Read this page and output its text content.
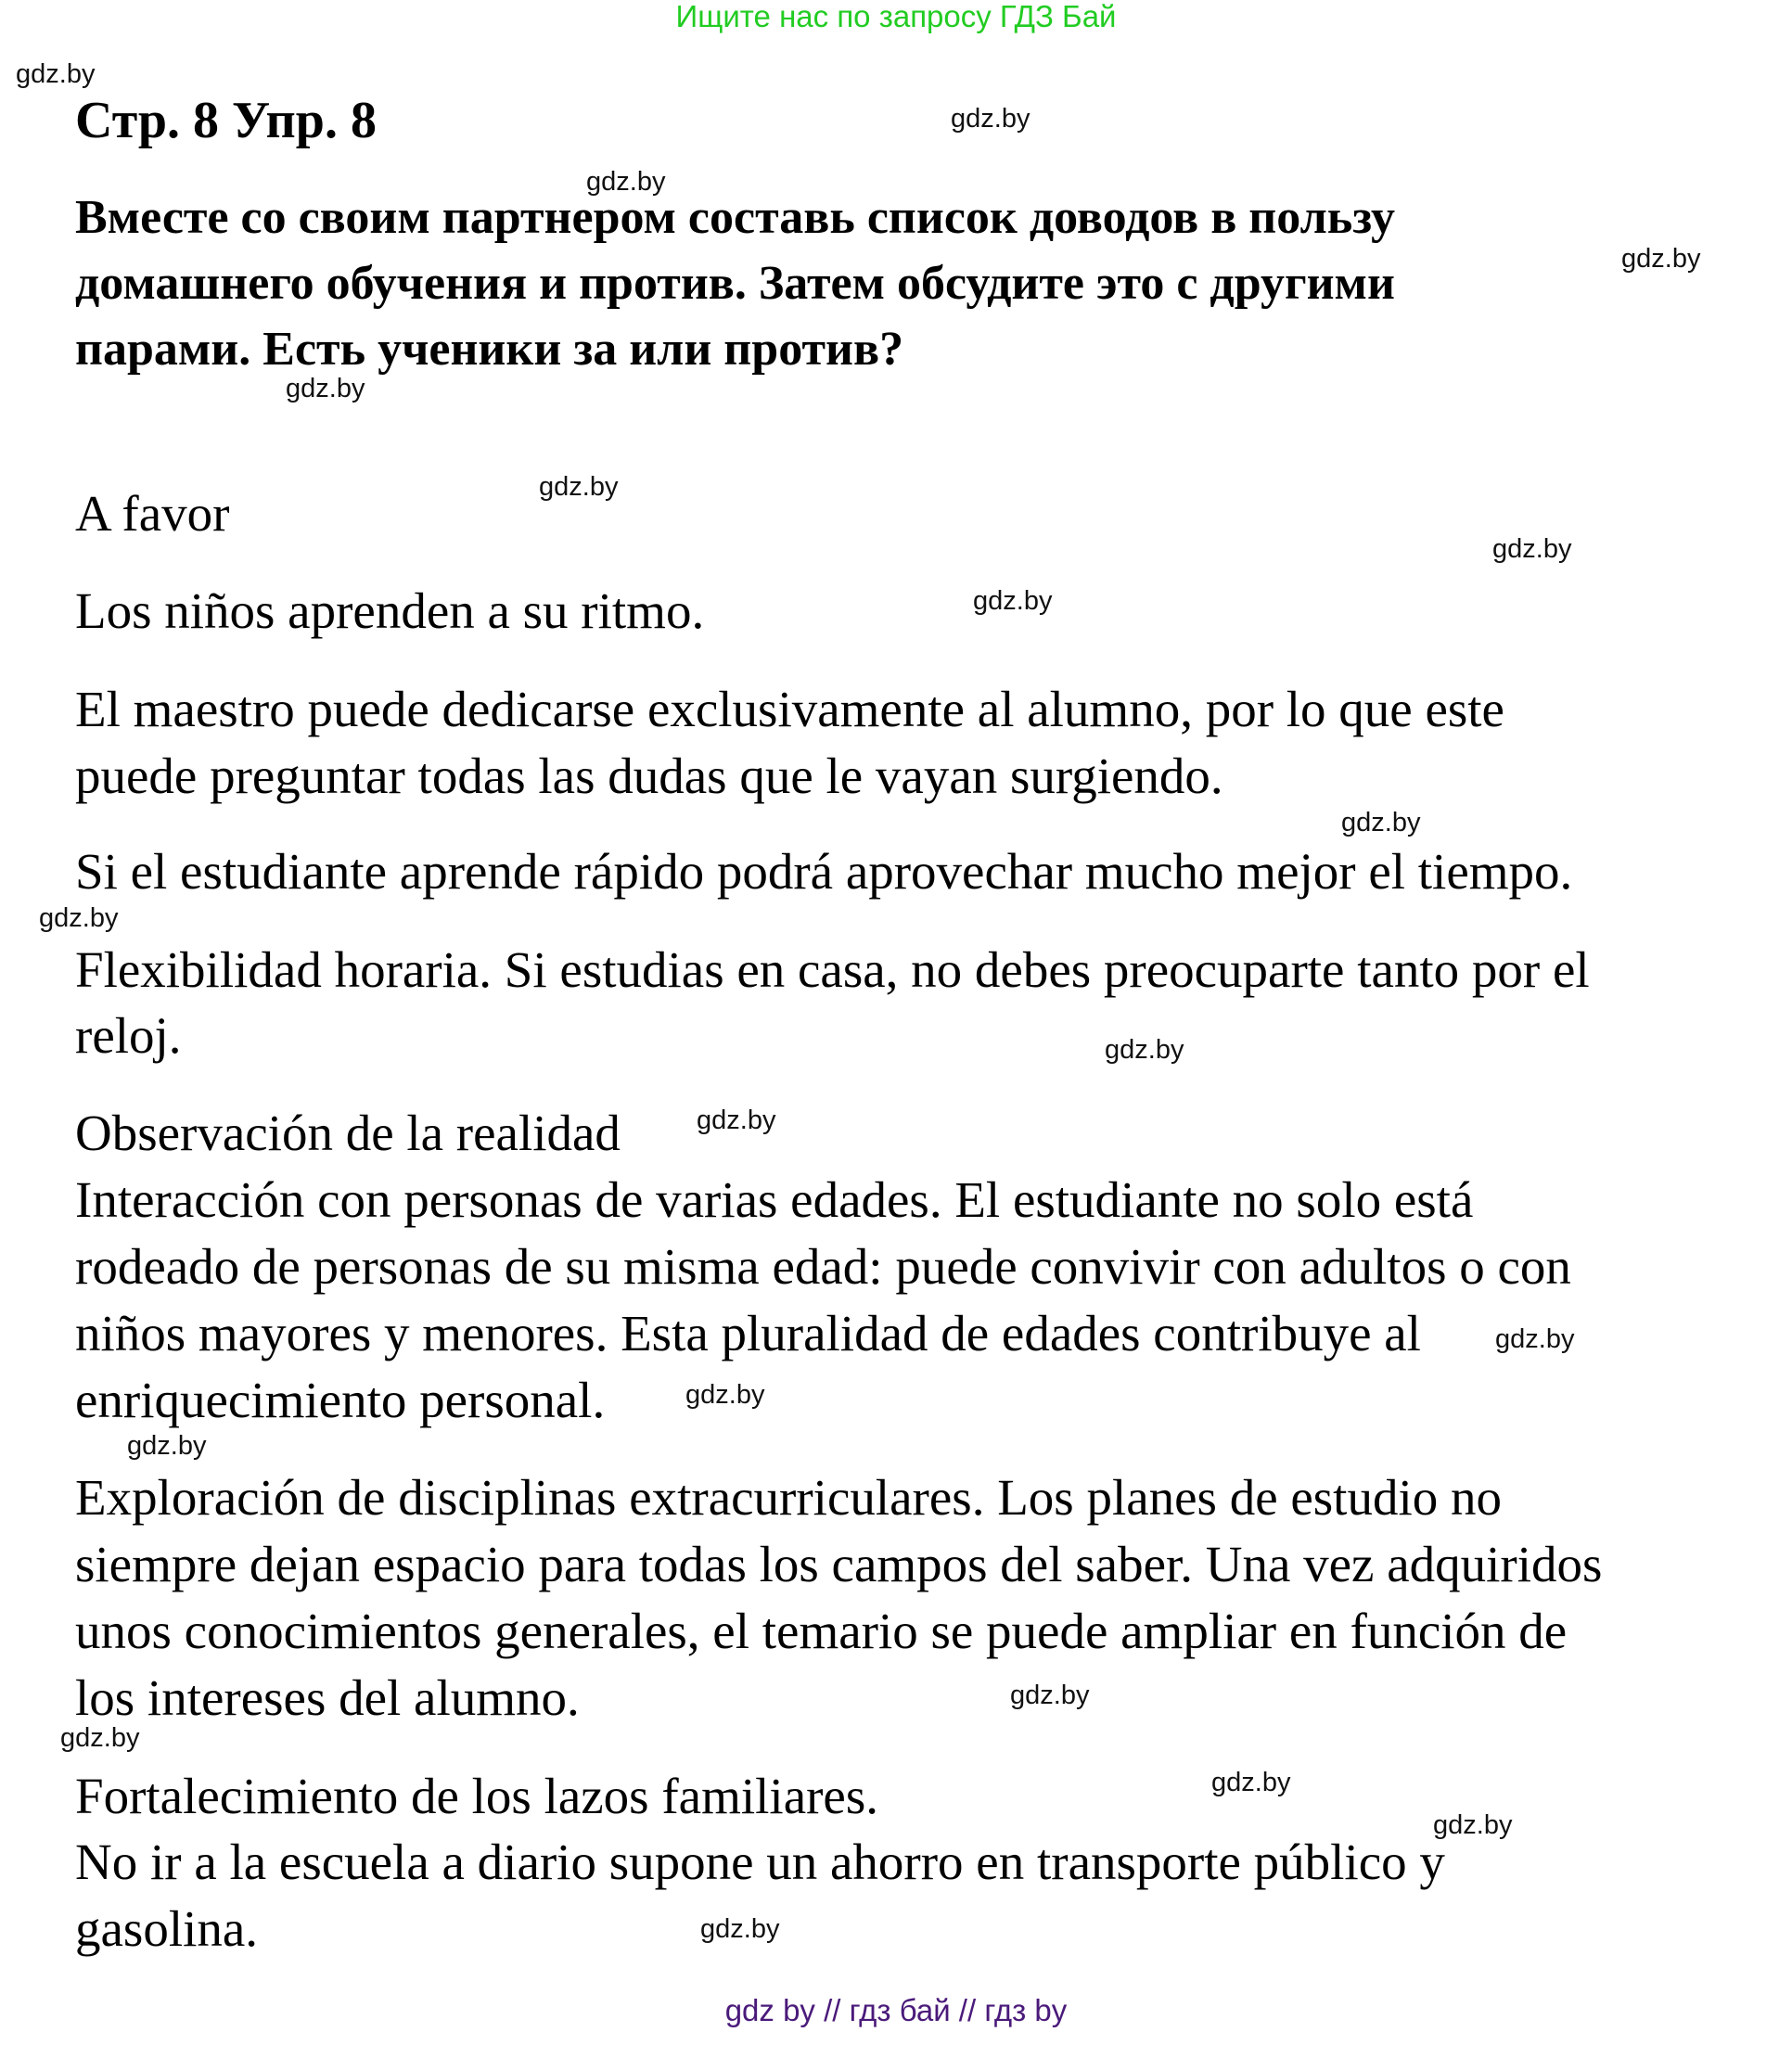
Ищите нас по запросу ГДЗ Бай
Стр. 8 Упр. 8
Вместе со своим партнером составь список доводов в пользу
домашнего обучения и против. Затем обсудите это с другими
парами. Есть ученики за или против?
A favor
Los niños aprenden a su ritmo.
El maestro puede dedicarse exclusivamente al alumno, por lo que este
puede preguntar todas las dudas que le vayan surgiendo.
Si el estudiante aprende rápido podrá aprovechar mucho mejor el tiempo.
Flexibilidad horaria. Si estudias en casa, no debes preocuparte tanto por el
reloj.
Observación de la realidad
Interacción con personas de varias edades. El estudiante no solo está
rodeado de personas de su misma edad: puede convivir con adultos o con
niños mayores y menores. Esta pluralidad de edades contribuye al
enriquecimiento personal.
Exploración de disciplinas extracurriculares. Los planes de estudio no
siempre dejan espacio para todas los campos del saber. Una vez adquiridos
unos conocimientos generales, el temario se puede ampliar en función de
los intereses del alumno.
Fortalecimiento de los lazos familiares.
No ir a la escuela a diario supone un ahorro en transporte público y
gasolina.
gdz.by
gdz.by
gdz.by
gdz.by
gdz.by
gdz.by
gdz.by
gdz.by
gdz.by
gdz.by
gdz.by
gdz.by
gdz.by
gdz.by
gdz.by
gdz.by
gdz.by
gdz.by
gdz.by
gdz.by
gdz by // гдз бай // гдз by
